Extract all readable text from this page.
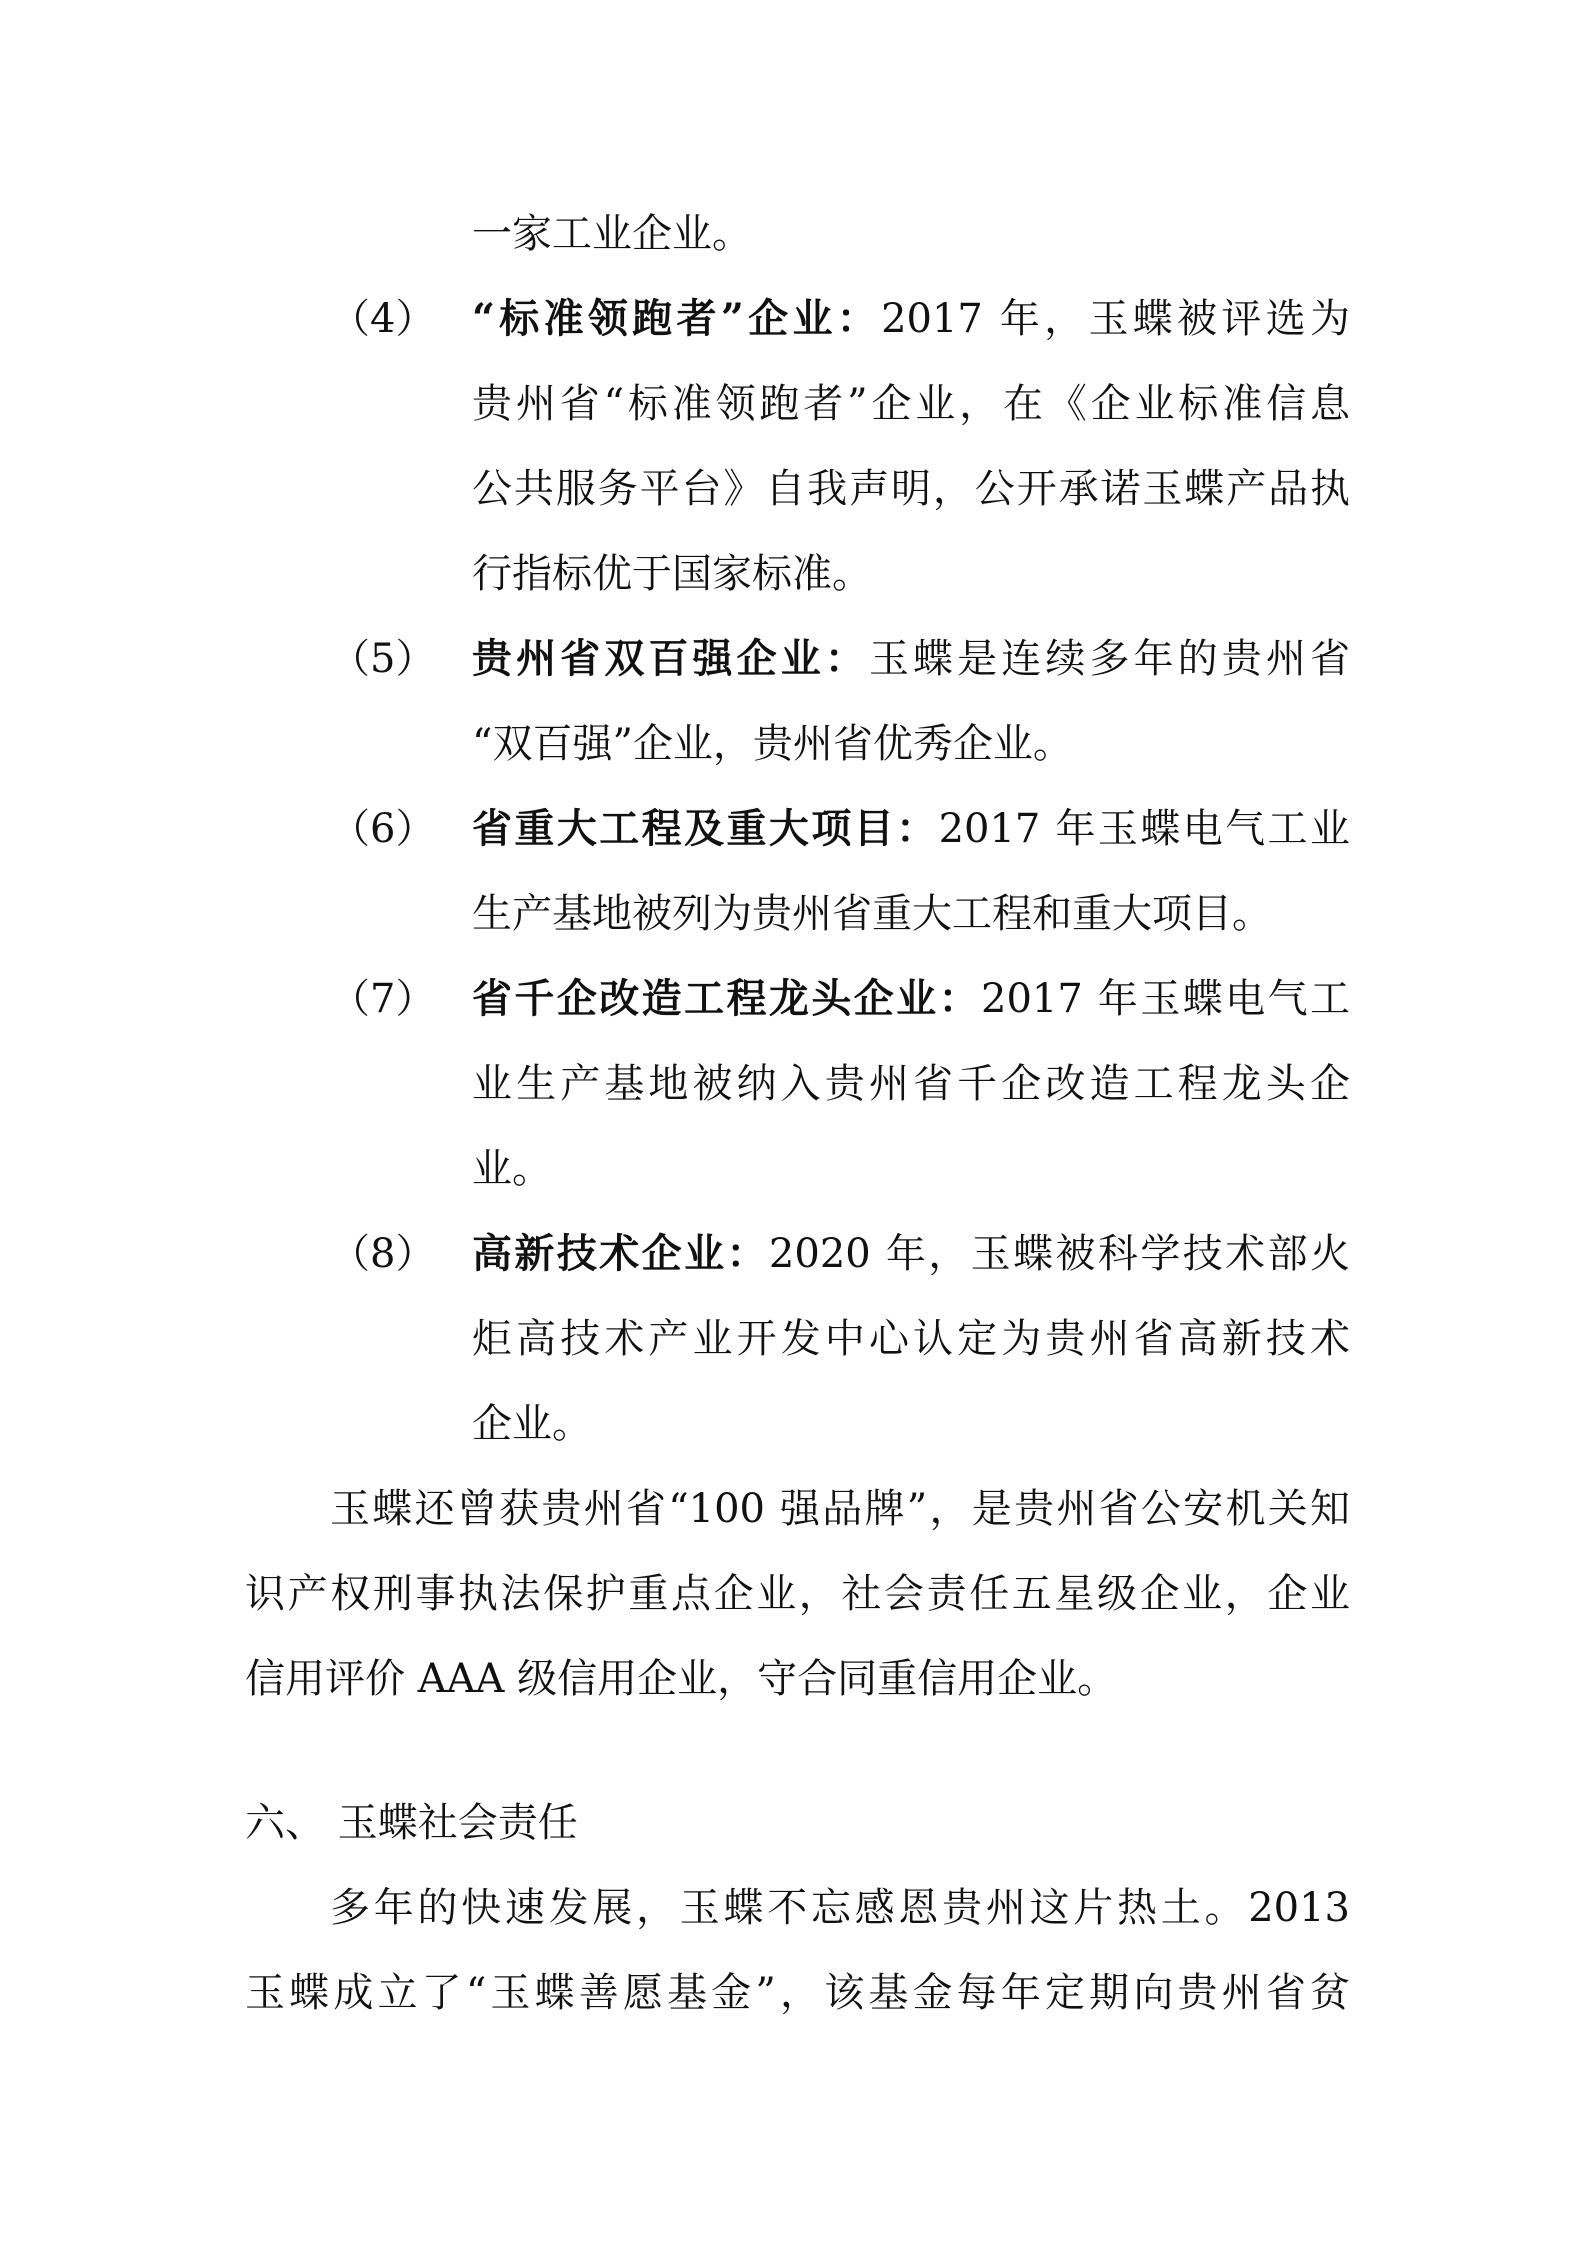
一家工业企业。
（4） “标准领跑者”企业：2017 年，玉蝶被评选为
贵州省“标准领跑者”企业，在《企业标准信息
公共服务平台》自我声明，公开承诺玉蝶产品执
行指标优于国家标准。
（5） 贵州省双百强企业：玉蝶是连续多年的贵州省
“双百强”企业，贵州省优秀企业。
（6） 省重大工程及重大项目：2017 年玉蝶电气工业
生产基地被列为贵州省重大工程和重大项目。
（7） 省千企改造工程龙头企业：2017 年玉蝶电气工
业生产基地被纳入贵州省千企改造工程龙头企
业。
（8） 高新技术企业：2020 年，玉蝶被科学技术部火
炬高技术产业开发中心认定为贵州省高新技术
企业。
玉蝶还曾获贵州省“100 强品牌”，是贵州省公安机关知
识产权刑事执法保护重点企业，社会责任五星级企业，企业
信用评价 AAA 级信用企业，守合同重信用企业。
六、 玉蝶社会责任
多年的快速发展，玉蝶不忘感恩贵州这片热土。2013
玉蝶成立了“玉蝶善愿基金”，该基金每年定期向贵州省贫
